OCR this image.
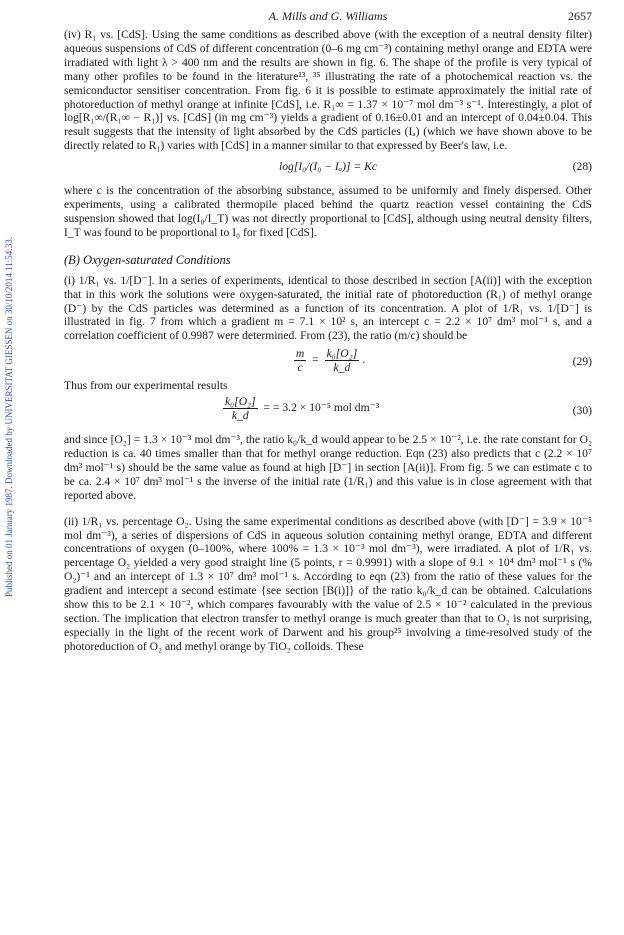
Published on 01 January 1987. Downloaded by UNIVERSITAT GIESSEN on 30/10/2014 11:54:33.
A. Mills and G. Williams	2657

(iv) R₁ vs. [CdS]. Using the same conditions as described above (with the exception of a neutral density filter) aqueous suspensions of CdS of different concentration (0–6 mg cm⁻³) containing methyl orange and EDTA were irradiated with light λ > 400 nm and the results are shown in fig. 6. The shape of the profile is very typical of many other profiles to be found in the literature¹³, ³⁵ illustrating the rate of a photochemical reaction vs. the semiconductor sensitiser concentration. From fig. 6 it is possible to estimate approximately the initial rate of photoreduction of methyl orange at infinite [CdS], i.e. R₁∞ = 1.37 × 10⁻⁷ mol dm⁻³ s⁻¹. Interestingly, a plot of log[R₁∞/(R₁∞ − R₁)] vs. [CdS] (in mg cm⁻³) yields a gradient of 0.16±0.01 and an intercept of 0.04±0.04. This result suggests that the intensity of light absorbed by the CdS particles (Iₐ) (which we have shown above to be directly related to R₁) varies with [CdS] in a manner similar to that expressed by Beer's law, i.e.

log[I₀/(I₀ − Iₐ)] = Kc	(28)

where c is the concentration of the absorbing substance, assumed to be uniformly and finely dispersed. Other experiments, using a calibrated thermopile placed behind the quartz reaction vessel containing the CdS suspension showed that log(I₀/I_T) was not directly proportional to [CdS], although using neutral density filters, I_T was found to be proportional to I₀ for fixed [CdS].

(B) Oxygen-saturated Conditions

(i) 1/R₁ vs. 1/[D⁻]. In a series of experiments, identical to those described in section [A(ii)] with the exception that in this work the solutions were oxygen-saturated, the initial rate of photoreduction (R₁) of methyl orange (D⁻) by the CdS particles was determined as a function of its concentration. A plot of 1/R₁ vs. 1/[D⁻] is illustrated in fig. 7 from which a gradient m = 7.1 × 10² s, an intercept c = 2.2 × 10⁷ dm³ mol⁻¹ s, and a correlation coefficient of 0.9987 were determined. From (23), the ratio (m/c) should be

$\frac{m}{c} = \frac{\text{k₀[O₂]}}{k\_d}$ .	(29)

Thus from our experimental results

$\frac{\text{k₀[O₂]}}{k\_d}$ = = 3.2 × 10⁻⁵ mol dm⁻³	(30)

and since [O₂] = 1.3 × 10⁻³ mol dm⁻³, the ratio k₀/k_d would appear to be 2.5 × 10⁻², i.e. the rate constant for O₂ reduction is ca. 40 times smaller than that for methyl orange reduction. Eqn (23) also predicts that c (2.2 × 10⁷ dm³ mol⁻¹ s) should be the same value as found at high [D⁻] in section [A(ii)]. From fig. 5 we can estimate c to be ca. 2.4 × 10⁷ dm³ mol⁻¹ s the inverse of the initial rate (1/R₁) and this value is in close agreement with that reported above.

(ii) 1/R₁ vs. percentage O₂. Using the same experimental conditions as described above (with [D⁻] = 3.9 × 10⁻⁵ mol dm⁻³), a series of dispersions of CdS in aqueous solution containing methyl orange, EDTA and different concentrations of oxygen (0–100%, where 100% = 1.3 × 10⁻³ mol dm⁻³), were irradiated. A plot of 1/R₁ vs. percentage O₂ yielded a very good straight line (5 points, r = 0.9991) with a slope of 9.1 × 10⁴ dm³ mol⁻¹ s (% O₂)⁻¹ and an intercept of 1.3 × 10⁷ dm³ mol⁻¹ s. According to eqn (23) from the ratio of these values for the gradient and intercept a second estimate {see section [B(i)]} of the ratio k₀/k_d can be obtained. Calculations show this to be 2.1 × 10⁻², which compares favourably with the value of 2.5 × 10⁻² calculated in the previous section. The implication that electron transfer to methyl orange is much greater than that to O₂ is not surprising, especially in the light of the recent work of Darwent and his group²⁵ involving a time-resolved study of the photoreduction of O₂ and methyl orange by TiO₂ colloids. These
